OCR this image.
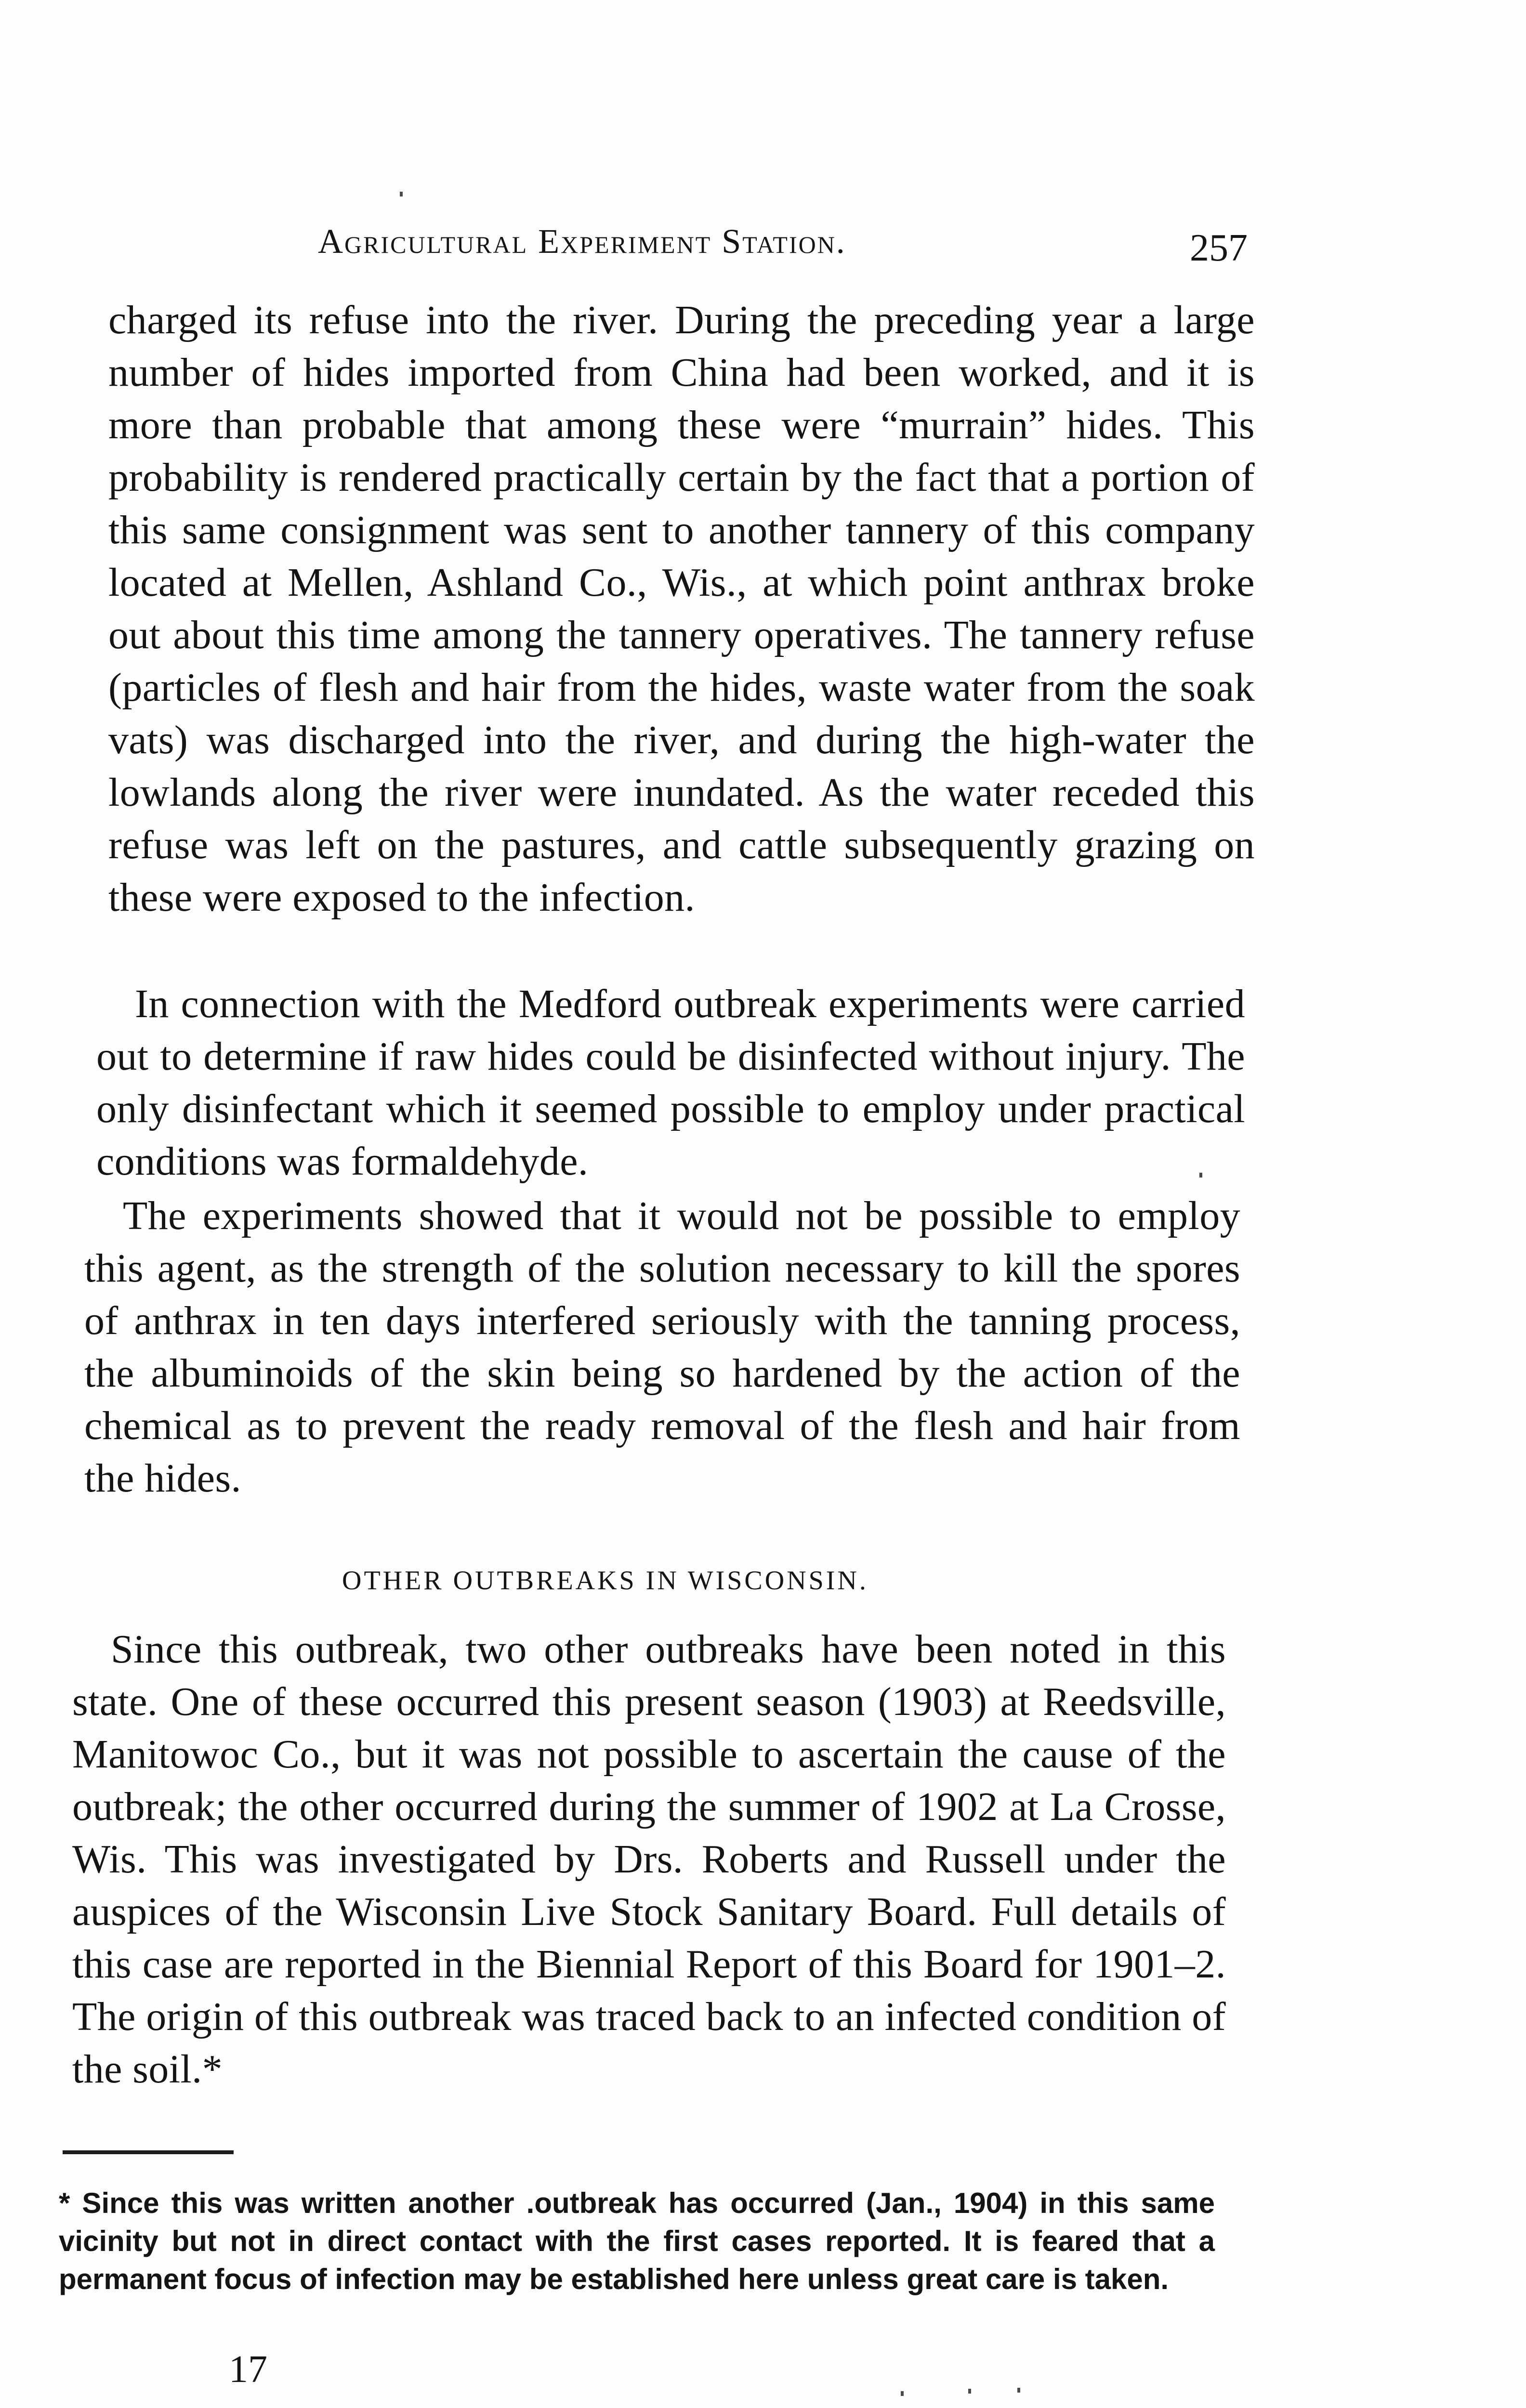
Agricultural Experiment Station.	257

charged its refuse into the river. During the preceding year a large number of hides imported from China had been worked, and it is more than probable that among these were “murrain” hides. This probability is rendered practically certain by the fact that a portion of this same consignment was sent to another tannery of this company located at Mellen, Ashland Co., Wis., at which point anthrax broke out about this time among the tannery operatives. The tannery refuse (particles of flesh and hair from the hides, waste water from the soak vats) was discharged into the river, and during the high-water the lowlands along the river were inundated. As the water receded this refuse was left on the pastures, and cattle subsequently grazing on these were exposed to the infection.

In connection with the Medford outbreak experiments were carried out to determine if raw hides could be disinfected without injury. The only disinfectant which it seemed possible to employ under practical conditions was formaldehyde.

The experiments showed that it would not be possible to employ this agent, as the strength of the solution necessary to kill the spores of anthrax in ten days interfered seriously with the tanning process, the albuminoids of the skin being so hardened by the action of the chemical as to prevent the ready removal of the flesh and hair from the hides.

OTHER OUTBREAKS IN WISCONSIN.

Since this outbreak, two other outbreaks have been noted in this state. One of these occurred this present season (1903) at Reedsville, Manitowoc Co., but it was not possible to ascertain the cause of the outbreak; the other occurred during the summer of 1902 at La Crosse, Wis. This was investigated by Drs. Roberts and Russell under the auspices of the Wisconsin Live Stock Sanitary Board. Full details of this case are reported in the Biennial Report of this Board for 1901–2. The origin of this outbreak was traced back to an infected condition of the soil.*

* Since this was written another .outbreak has occurred (Jan., 1904) in this same vicinity but not in direct contact with the first cases reported. It is feared that a permanent focus of infection may be established here unless great care is taken.
17
